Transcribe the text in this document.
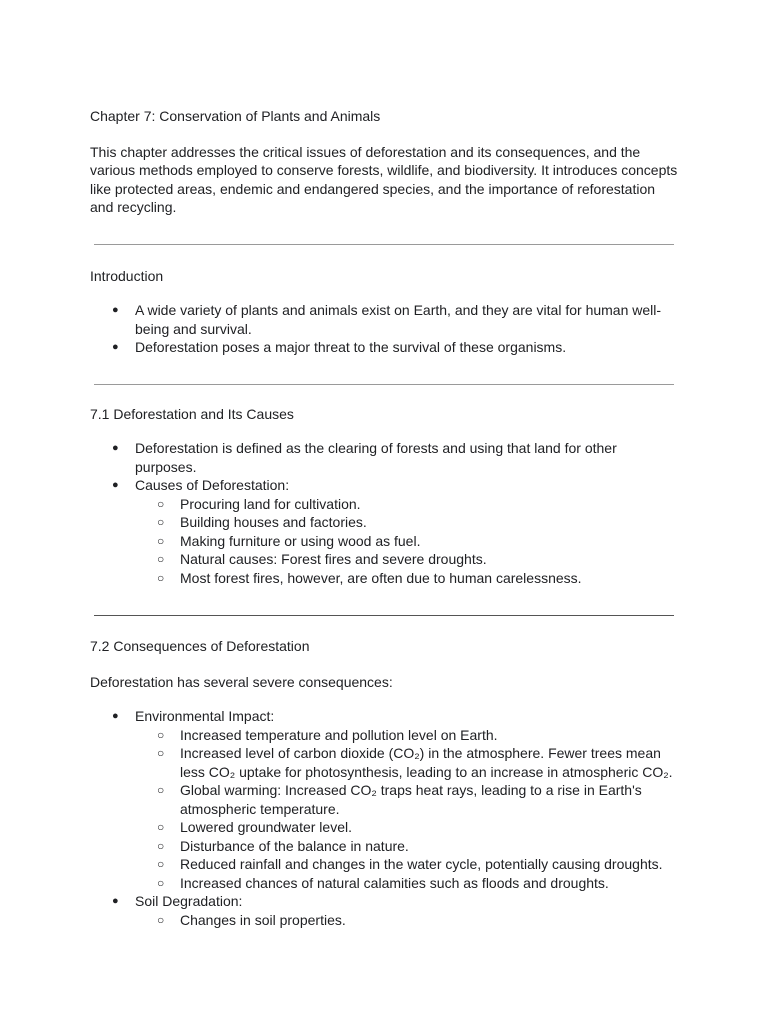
Chapter 7: Conservation of Plants and Animals

This chapter addresses the critical issues of deforestation and its consequences, and the various methods employed to conserve forests, wildlife, and biodiversity. It introduces concepts like protected areas, endemic and endangered species, and the importance of reforestation and recycling.

Introduction

● A wide variety of plants and animals exist on Earth, and they are vital for human well-being and survival.
● Deforestation poses a major threat to the survival of these organisms.

7.1 Deforestation and Its Causes

● Deforestation is defined as the clearing of forests and using that land for other purposes.
● Causes of Deforestation:
○ Procuring land for cultivation.
○ Building houses and factories.
○ Making furniture or using wood as fuel.
○ Natural causes: Forest fires and severe droughts.
○ Most forest fires, however, are often due to human carelessness.

7.2 Consequences of Deforestation

Deforestation has several severe consequences:

● Environmental Impact:
○ Increased temperature and pollution level on Earth.
○ Increased level of carbon dioxide (CO₂) in the atmosphere. Fewer trees mean less CO₂ uptake for photosynthesis, leading to an increase in atmospheric CO₂.
○ Global warming: Increased CO₂ traps heat rays, leading to a rise in Earth's atmospheric temperature.
○ Lowered groundwater level.
○ Disturbance of the balance in nature.
○ Reduced rainfall and changes in the water cycle, potentially causing droughts.
○ Increased chances of natural calamities such as floods and droughts.
● Soil Degradation:
○ Changes in soil properties.
